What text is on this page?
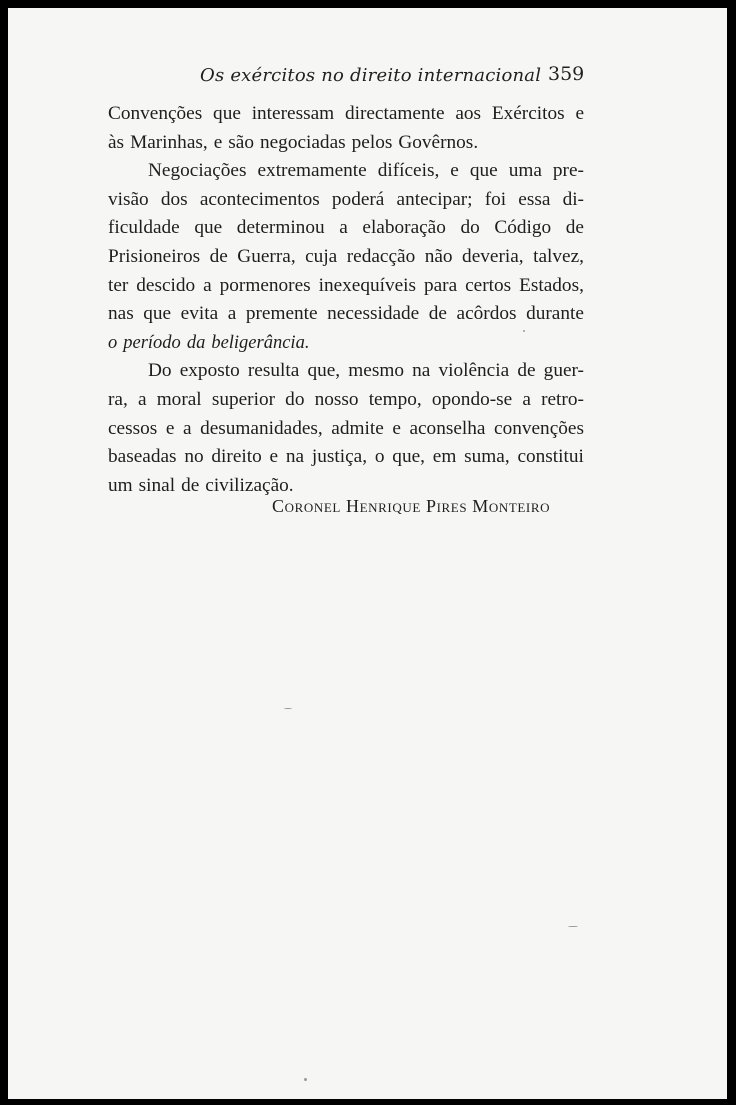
Os exércitos no direito internacional 359
Convenções que interessam directamente aos Exércitos e
às Marinhas, e são negociadas pelos Govêrnos.
Negociações extremamente difíceis, e que uma pre-
visão dos acontecimentos poderá antecipar; foi essa di-
ficuldade que determinou a elaboração do Código de
Prisioneiros de Guerra, cuja redacção não deveria, talvez,
ter descido a pormenores inexequíveis para certos Estados,
nas que evita a premente necessidade de acôrdos durante
o período da beligerância.
Do exposto resulta que, mesmo na violência de guer-
ra, a moral superior do nosso tempo, opondo-se a retro-
cessos e a desumanidades, admite e aconselha convenções
baseadas no direito e na justiça, o que, em suma, constitui
um sinal de civilização.
Coronel Henrique Pires Monteiro
